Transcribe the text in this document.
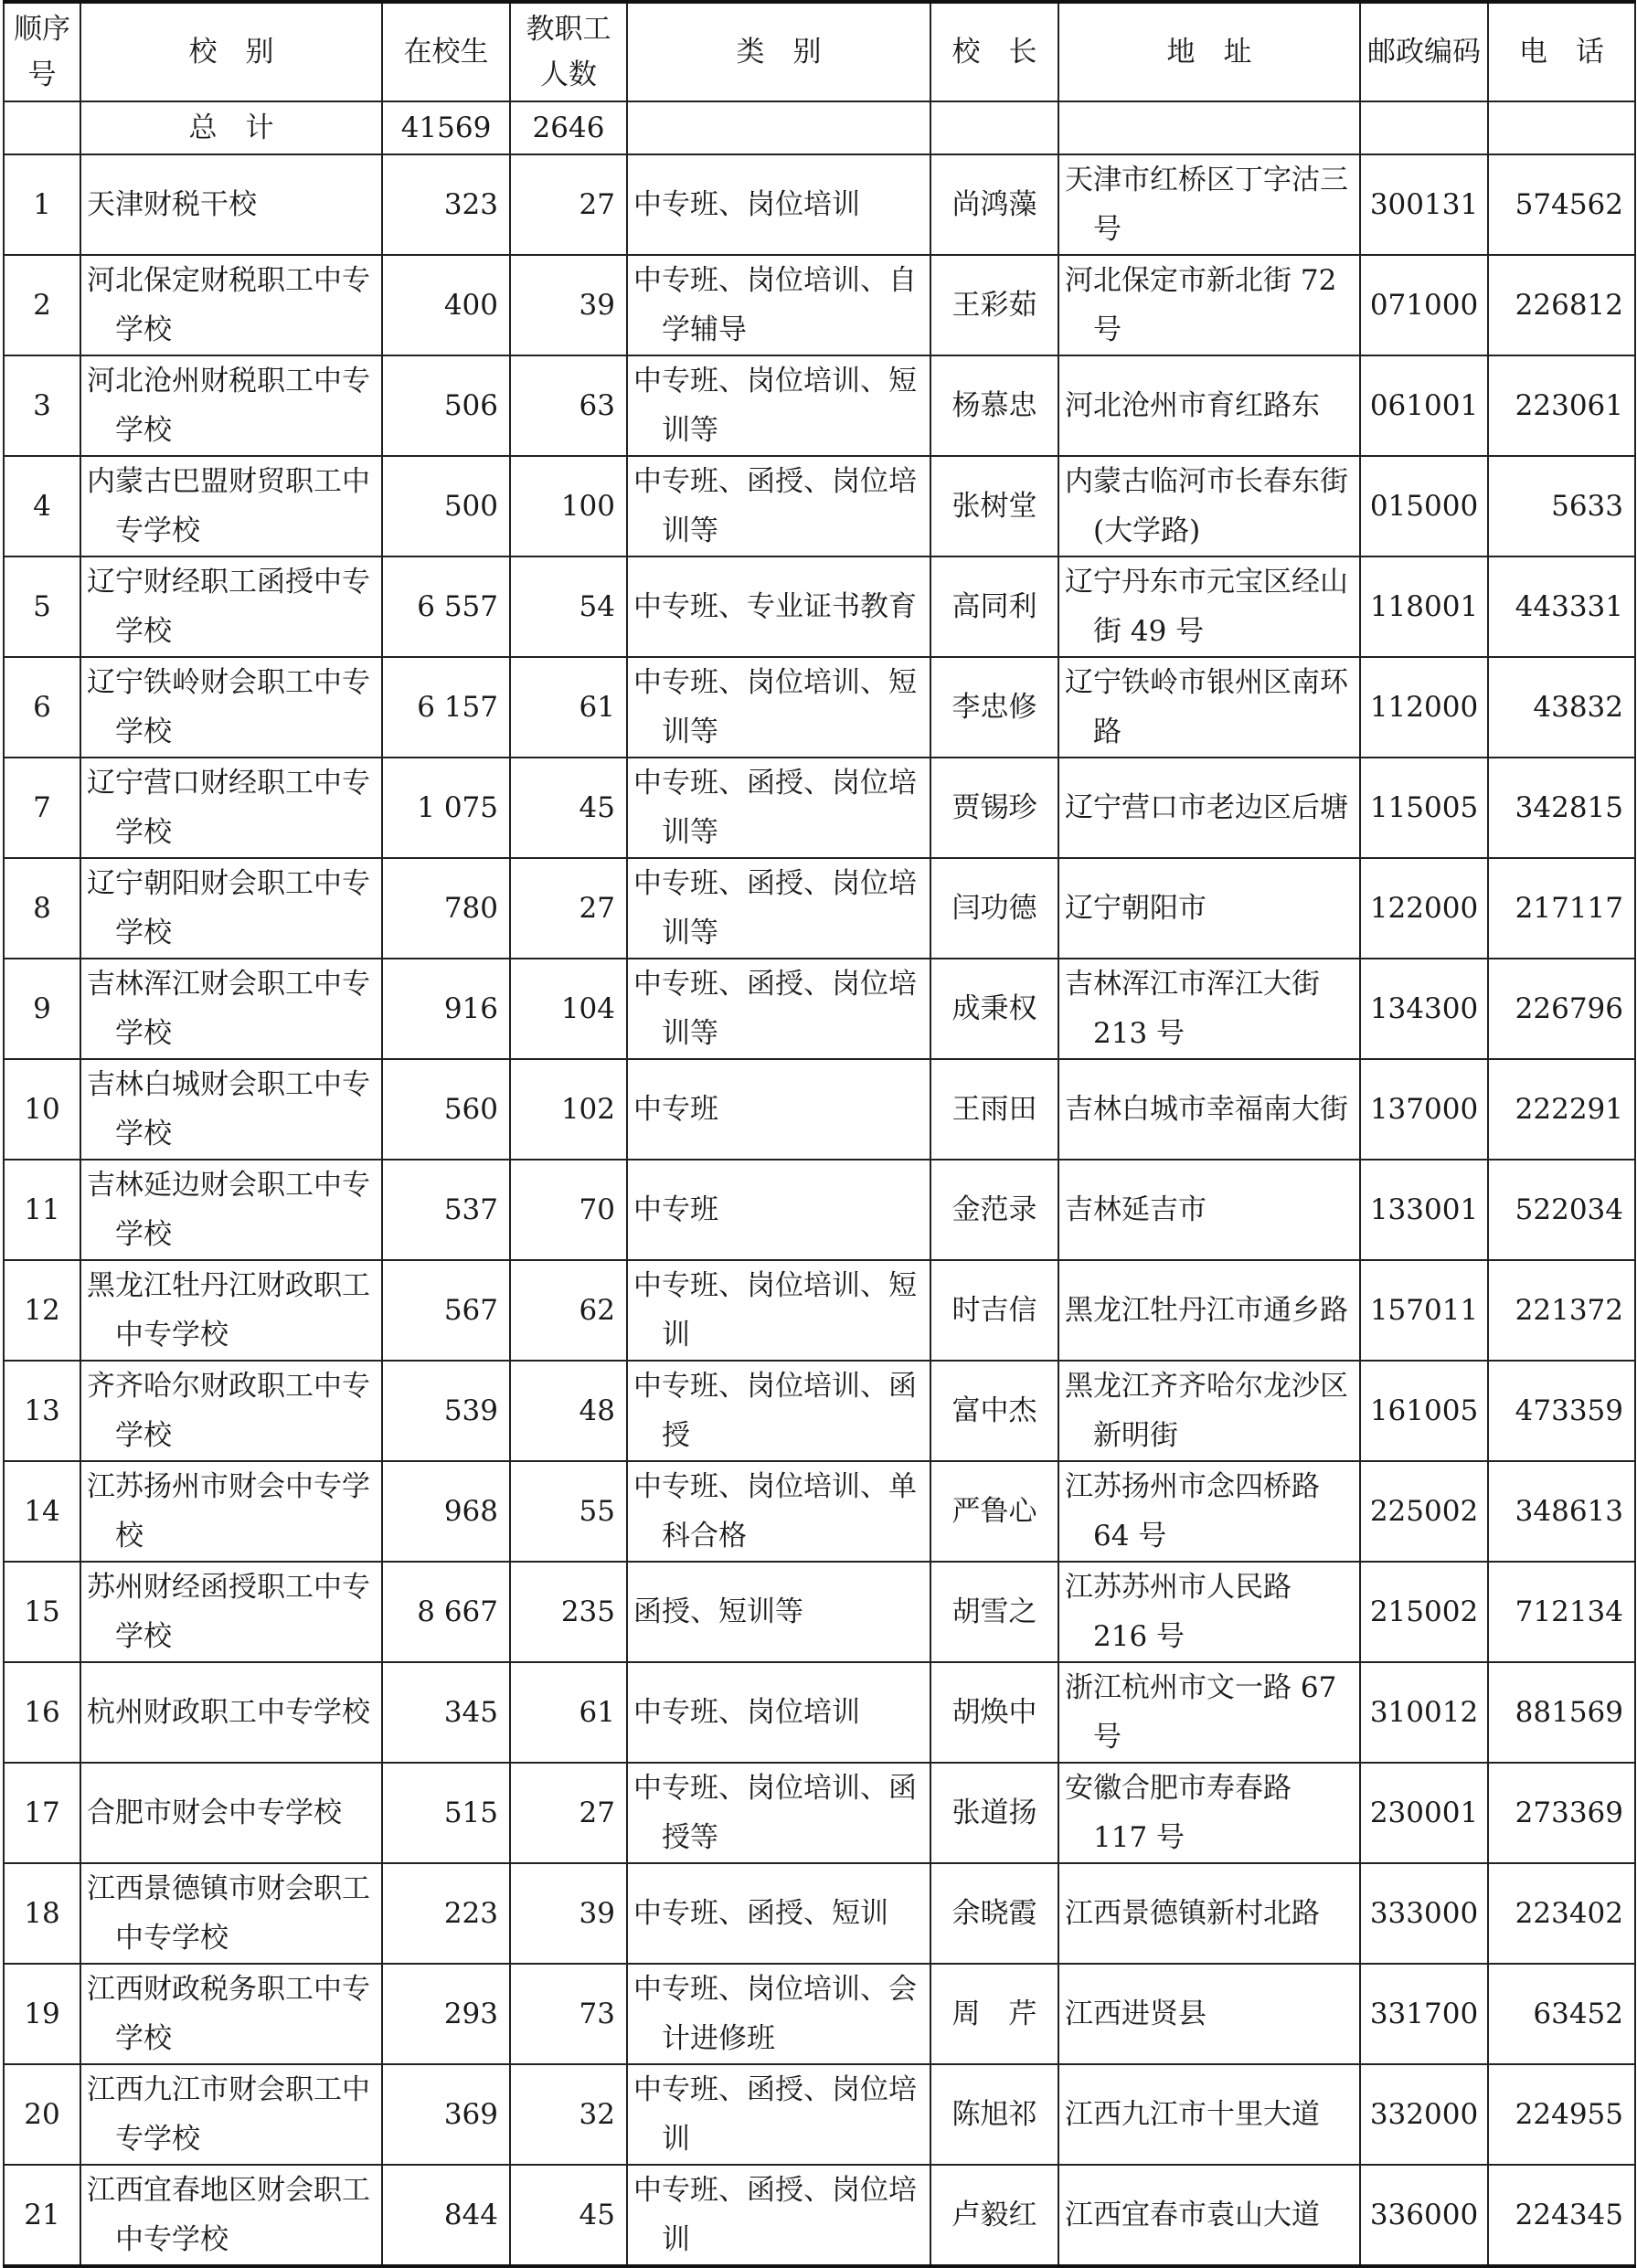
顺序号	校　别	在校生	教职工人数	类　别	校　长	地　址	邮政编码	电　话
	总　计	41569	2646					
1	天津财税干校	323	27	中专班、岗位培训	尚鸿藻	天津市红桥区丁字沽三号	300131	574562
2	河北保定财税职工中专学校	400	39	中专班、岗位培训、自学辅导	王彩茹	河北保定市新北街 72 号	071000	226812
3	河北沧州财税职工中专学校	506	63	中专班、岗位培训、短训等	杨慕忠	河北沧州市育红路东	061001	223061
4	内蒙古巴盟财贸职工中专学校	500	100	中专班、函授、岗位培训等	张树堂	内蒙古临河市长春东街(大学路)	015000	5633
5	辽宁财经职工函授中专学校	6 557	54	中专班、专业证书教育	高同利	辽宁丹东市元宝区经山街 49 号	118001	443331
6	辽宁铁岭财会职工中专学校	6 157	61	中专班、岗位培训、短训等	李忠修	辽宁铁岭市银州区南环路	112000	43832
7	辽宁营口财经职工中专学校	1 075	45	中专班、函授、岗位培训等	贾锡珍	辽宁营口市老边区后塘	115005	342815
8	辽宁朝阳财会职工中专学校	780	27	中专班、函授、岗位培训等	闫功德	辽宁朝阳市	122000	217117
9	吉林浑江财会职工中专学校	916	104	中专班、函授、岗位培训等	成秉权	吉林浑江市浑江大街 213 号	134300	226796
10	吉林白城财会职工中专学校	560	102	中专班	王雨田	吉林白城市幸福南大街	137000	222291
11	吉林延边财会职工中专学校	537	70	中专班	金范录	吉林延吉市	133001	522034
12	黑龙江牡丹江财政职工中专学校	567	62	中专班、岗位培训、短训	时吉信	黑龙江牡丹江市通乡路	157011	221372
13	齐齐哈尔财政职工中专学校	539	48	中专班、岗位培训、函授	富中杰	黑龙江齐齐哈尔龙沙区新明街	161005	473359
14	江苏扬州市财会中专学校	968	55	中专班、岗位培训、单科合格	严鲁心	江苏扬州市念四桥路 64 号	225002	348613
15	苏州财经函授职工中专学校	8 667	235	函授、短训等	胡雪之	江苏苏州市人民路 216 号	215002	712134
16	杭州财政职工中专学校	345	61	中专班、岗位培训	胡焕中	浙江杭州市文一路 67 号	310012	881569
17	合肥市财会中专学校	515	27	中专班、岗位培训、函授等	张道扬	安徽合肥市寿春路 117 号	230001	273369
18	江西景德镇市财会职工中专学校	223	39	中专班、函授、短训	余晓霞	江西景德镇新村北路	333000	223402
19	江西财政税务职工中专学校	293	73	中专班、岗位培训、会计进修班	周　芹	江西进贤县	331700	63452
20	江西九江市财会职工中专学校	369	32	中专班、函授、岗位培训	陈旭祁	江西九江市十里大道	332000	224955
21	江西宜春地区财会职工中专学校	844	45	中专班、函授、岗位培训	卢毅红	江西宜春市袁山大道	336000	224345
